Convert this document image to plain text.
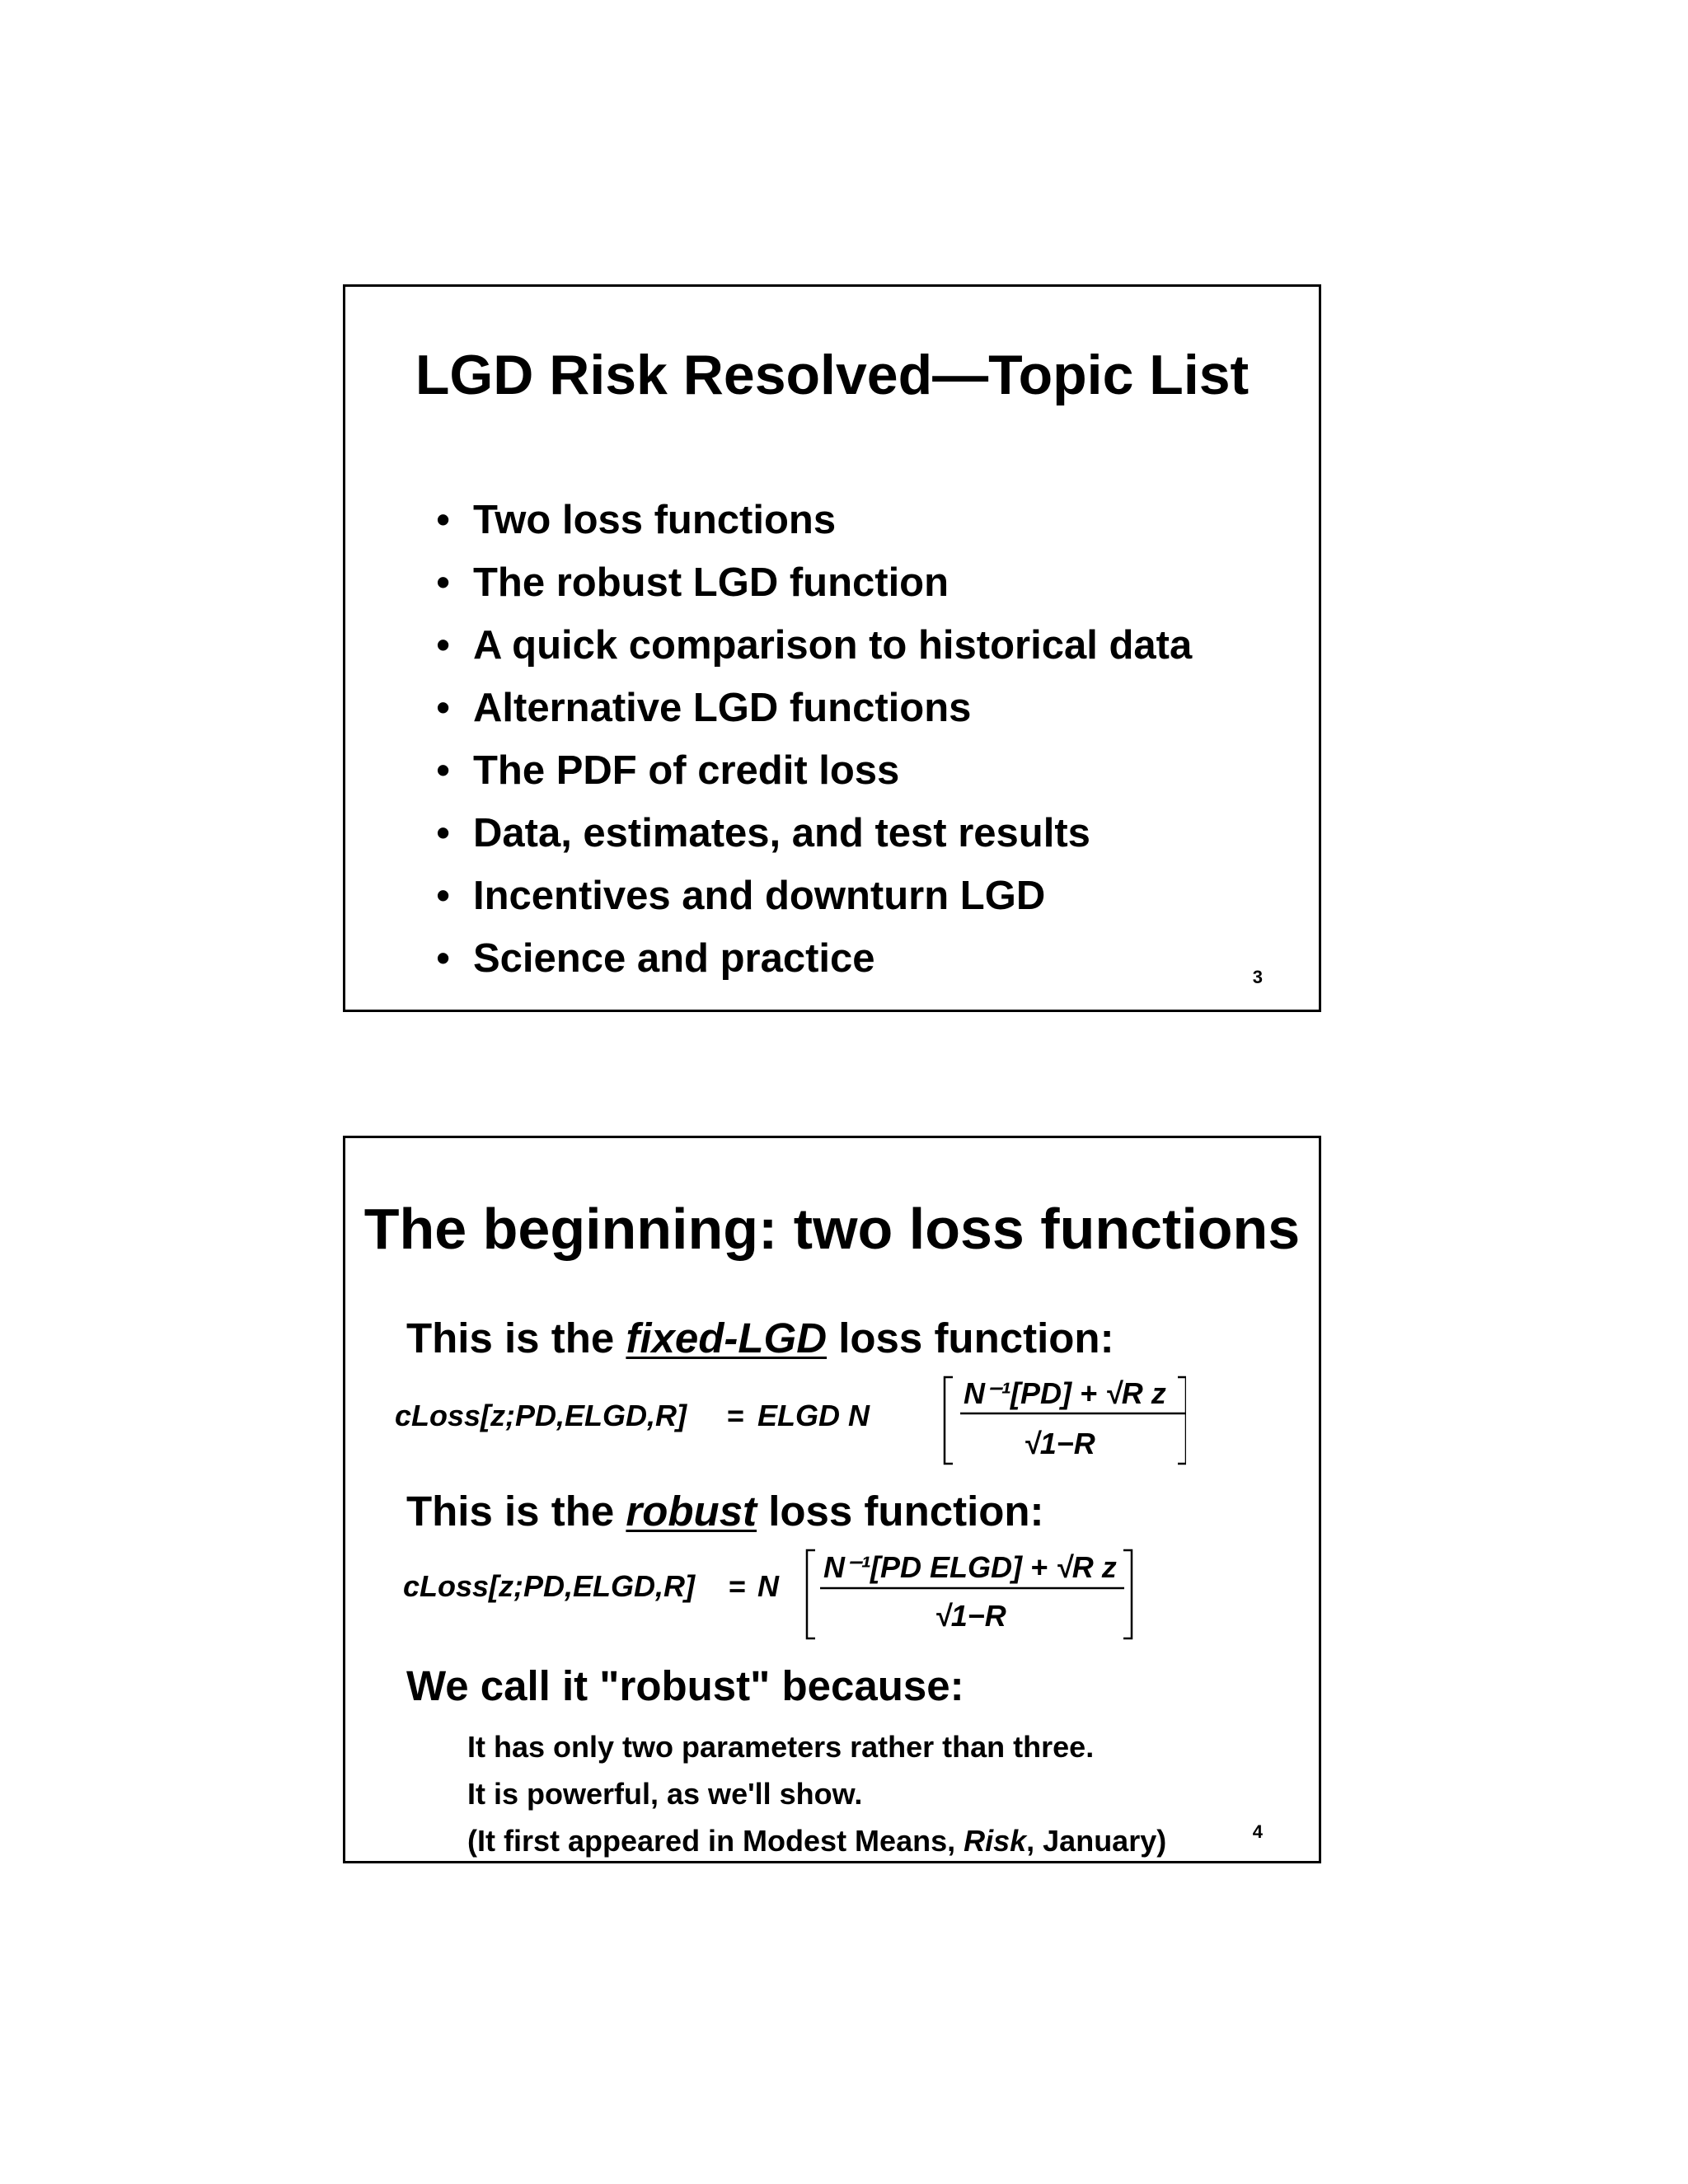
LGD Risk Resolved—Topic List
• Two loss functions
• The robust LGD function
• A quick comparison to historical data
• Alternative LGD functions
• The PDF of credit loss
• Data, estimates, and test results
• Incentives and downturn LGD
• Science and practice	3
The beginning: two loss functions
This is the fixed-LGD loss function:
cLoss[z;PD,ELGD,R] = ELGD N
N⁻¹[PD] + √R z
√1−R
This is the robust loss function:
cLoss[z;PD,ELGD,R] = N
N⁻¹[PD ELGD] + √R z
√1−R
We call it "robust" because:
It has only two parameters rather than three.
It is powerful, as we'll show.
(It first appeared in Modest Means, Risk, January)	4
